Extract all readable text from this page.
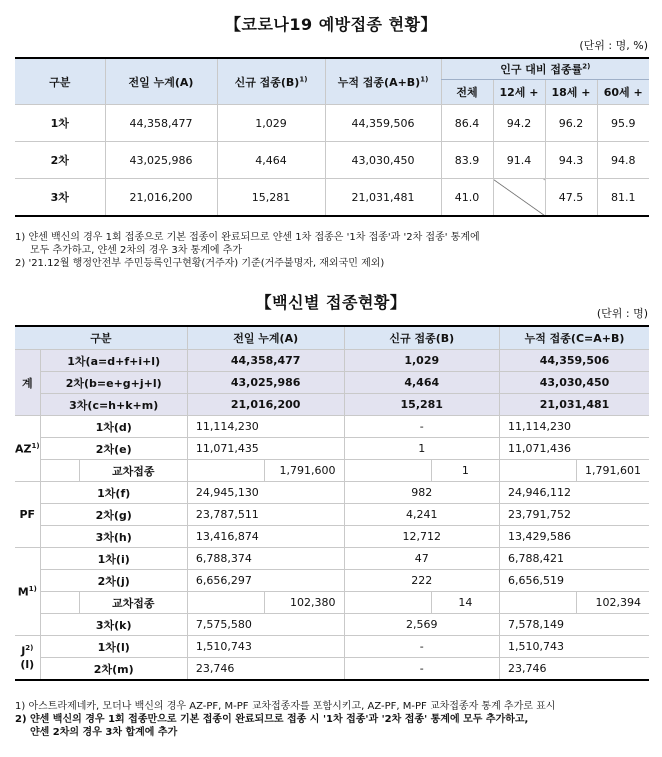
【코로나19 예방접종 현황】
(단위 : 명, %)
구분	전일 누계(A)	신규 접종$(B)^{1)}$	누적 접종$(A+B)^{1)}$	인구 대비 접종률$^{2)}$
				전체	12세 +	18세 +	60세 +
1차	44,358,477	1,029	44,359,506	86.4	94.2	96.2	95.9
2차	43,025,986	4,464	43,030,450	83.9	91.4	94.3	94.8
3차	21,016,200	15,281	21,031,481	41.0		47.5	81.1
1) 얀센 백신의 경우 1회 접종으로 기본 접종이 완료되므로 얀센 1차 접종은 '1차 접종'과 '2차 접종' 통계에
모두 추가하고, 얀센 2차의 경우 3차 통계에 추가
2) '21.12월 행정안전부 주민등록인구현황(거주자) 기준(거주불명자, 재외국민 제외)
【백신별 접종현황】
(단위 : 명)
구분			전일 누계(A)		신규 접종(B)		누적 접종(C=A+B)	
계	1차(a=d+f+i+l)		44,358,477		1,029		44,359,506	
	2차(b=e+g+j+l)		43,025,986		4,464		43,030,450	
	3차(c=h+k+m)		21,016,200		15,281		21,031,481	
AZ$^{1)}$	1차(d)		11,114,230		-		11,114,230	
	2차(e)		11,071,435		1		11,071,436	
		교차접종		1,791,600		1		1,791,601
PF	1차(f)		24,945,130		982		24,946,112	
	2차(g)		23,787,511		4,241		23,791,752	
	3차(h)		13,416,874		12,712		13,429,586	
$M^{1)}$	1차(i)		6,788,374		47		6,788,421	
	2차(j)		6,656,297		222		6,656,519	
		교차접종		102,380		14		102,394
	3차(k)		7,575,580		2,569		7,578,149	
$J^{2)}(l)$	1차(l)		1,510,743		-		1,510,743	
	2차(m)		23,746		-		23,746	
1) 아스트라제네카, 모더나 백신의 경우 AZ-PF, M-PF 교차접종자를 포함시키고, AZ-PF, M-PF 교차접종자 통계 추가로 표시
2) 얀센 백신의 경우 1회 접종만으로 기본 접종이 완료되므로 접종 시 '1차 접종'과 '2차 접종' 통계에 모두 추가하고,
얀센 2차의 경우 3차 합계에 추가
